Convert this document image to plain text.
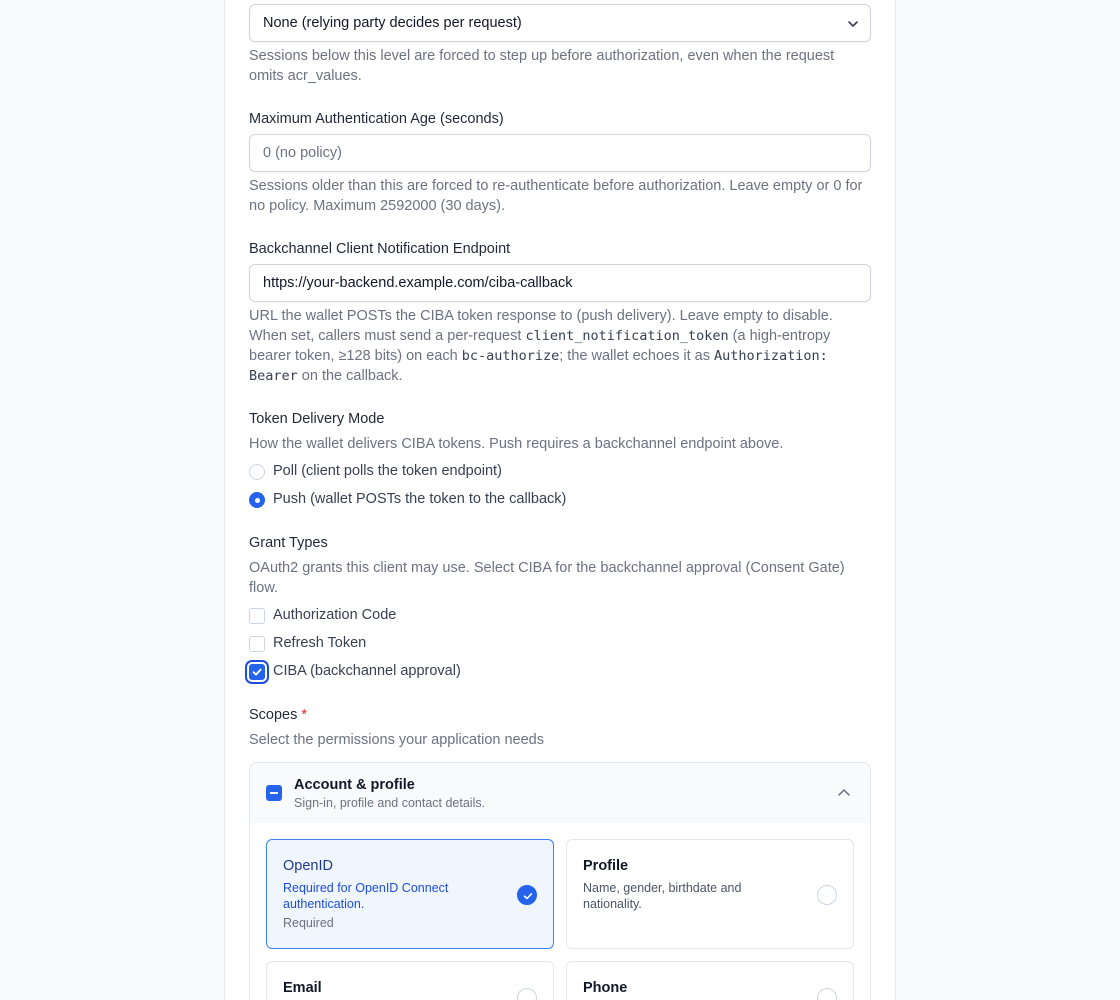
None (relying party decides per request)
Sessions below this level are forced to step up before authorization, even when the request omits acr_values.
Maximum Authentication Age (seconds)
0 (no policy)
Sessions older than this are forced to re-authenticate before authorization. Leave empty or 0 for no policy. Maximum 2592000 (30 days).
Backchannel Client Notification Endpoint
https://your-backend.example.com/ciba-callback
URL the wallet POSTs the CIBA token response to (push delivery). Leave empty to disable. When set, callers must send a per-request client_notification_token (a high-entropy bearer token, ≥128 bits) on each bc-authorize; the wallet echoes it as Authorization: Bearer on the callback.
Token Delivery Mode
How the wallet delivers CIBA tokens. Push requires a backchannel endpoint above.
Poll (client polls the token endpoint)
Push (wallet POSTs the token to the callback)
Grant Types
OAuth2 grants this client may use. Select CIBA for the backchannel approval (Consent Gate) flow.
Authorization Code
Refresh Token
CIBA (backchannel approval)
Scopes *
Select the permissions your application needs
Account & profile
Sign-in, profile and contact details.
OpenID
Required for OpenID Connect authentication.
Required
Profile
Name, gender, birthdate and nationality.
Email	Phone
